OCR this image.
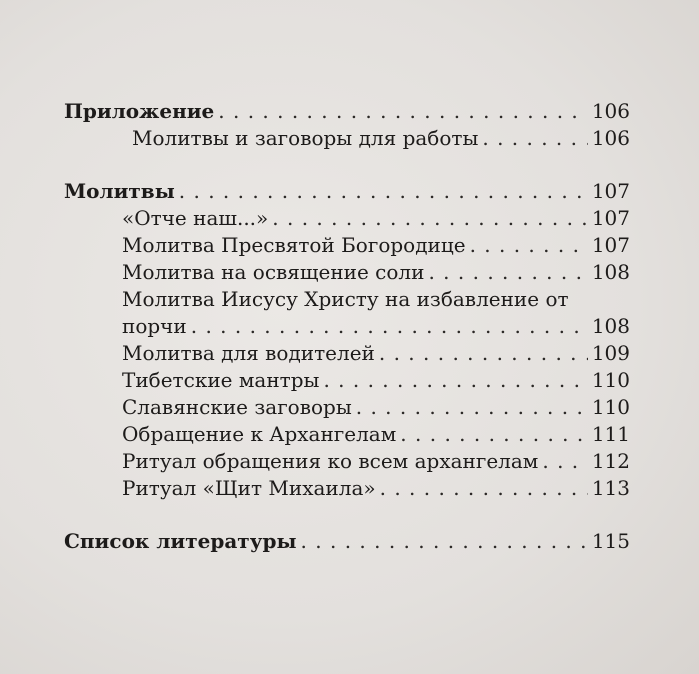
Приложение . . .	106
Молитвы и заговоры для работы . . .	106
Молитвы . . .	107
«Отче наш...» . . .	107
Молитва Пресвятой Богородице . . .	107
Молитва на освящение соли . . .	108
Молитва Иисусу Христу на избавление от
порчи . . .	108
Молитва для водителей . . .	109
Тибетские мантры . . .	110
Славянские заговоры . . .	110
Обращение к Архангелам . . .	111
Ритуал обращения ко всем архангелам . . .	112
Ритуал «Щит Михаила» . . .	113
Список литературы . . .	115
